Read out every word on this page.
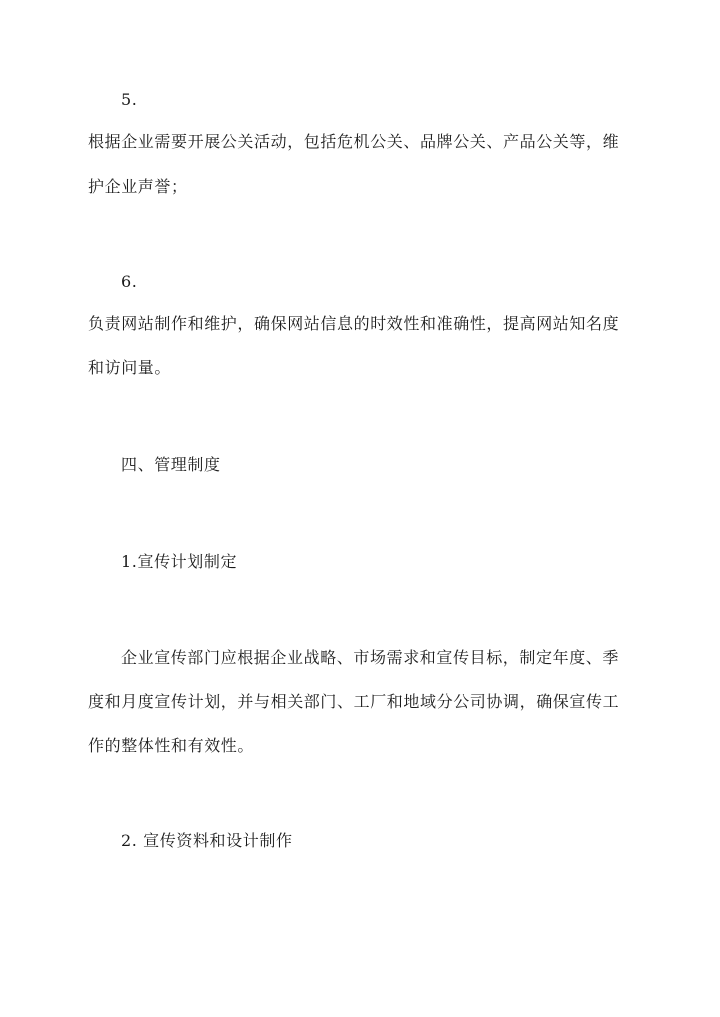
5.
根据企业需要开展公关活动，包括危机公关、品牌公关、产品公关等，维
护企业声誉；
6.
负责网站制作和维护，确保网站信息的时效性和准确性，提高网站知名度
和访问量。
四、管理制度
1.宣传计划制定
企业宣传部门应根据企业战略、市场需求和宣传目标，制定年度、季
度和月度宣传计划，并与相关部门、工厂和地域分公司协调，确保宣传工
作的整体性和有效性。
2. 宣传资料和设计制作
